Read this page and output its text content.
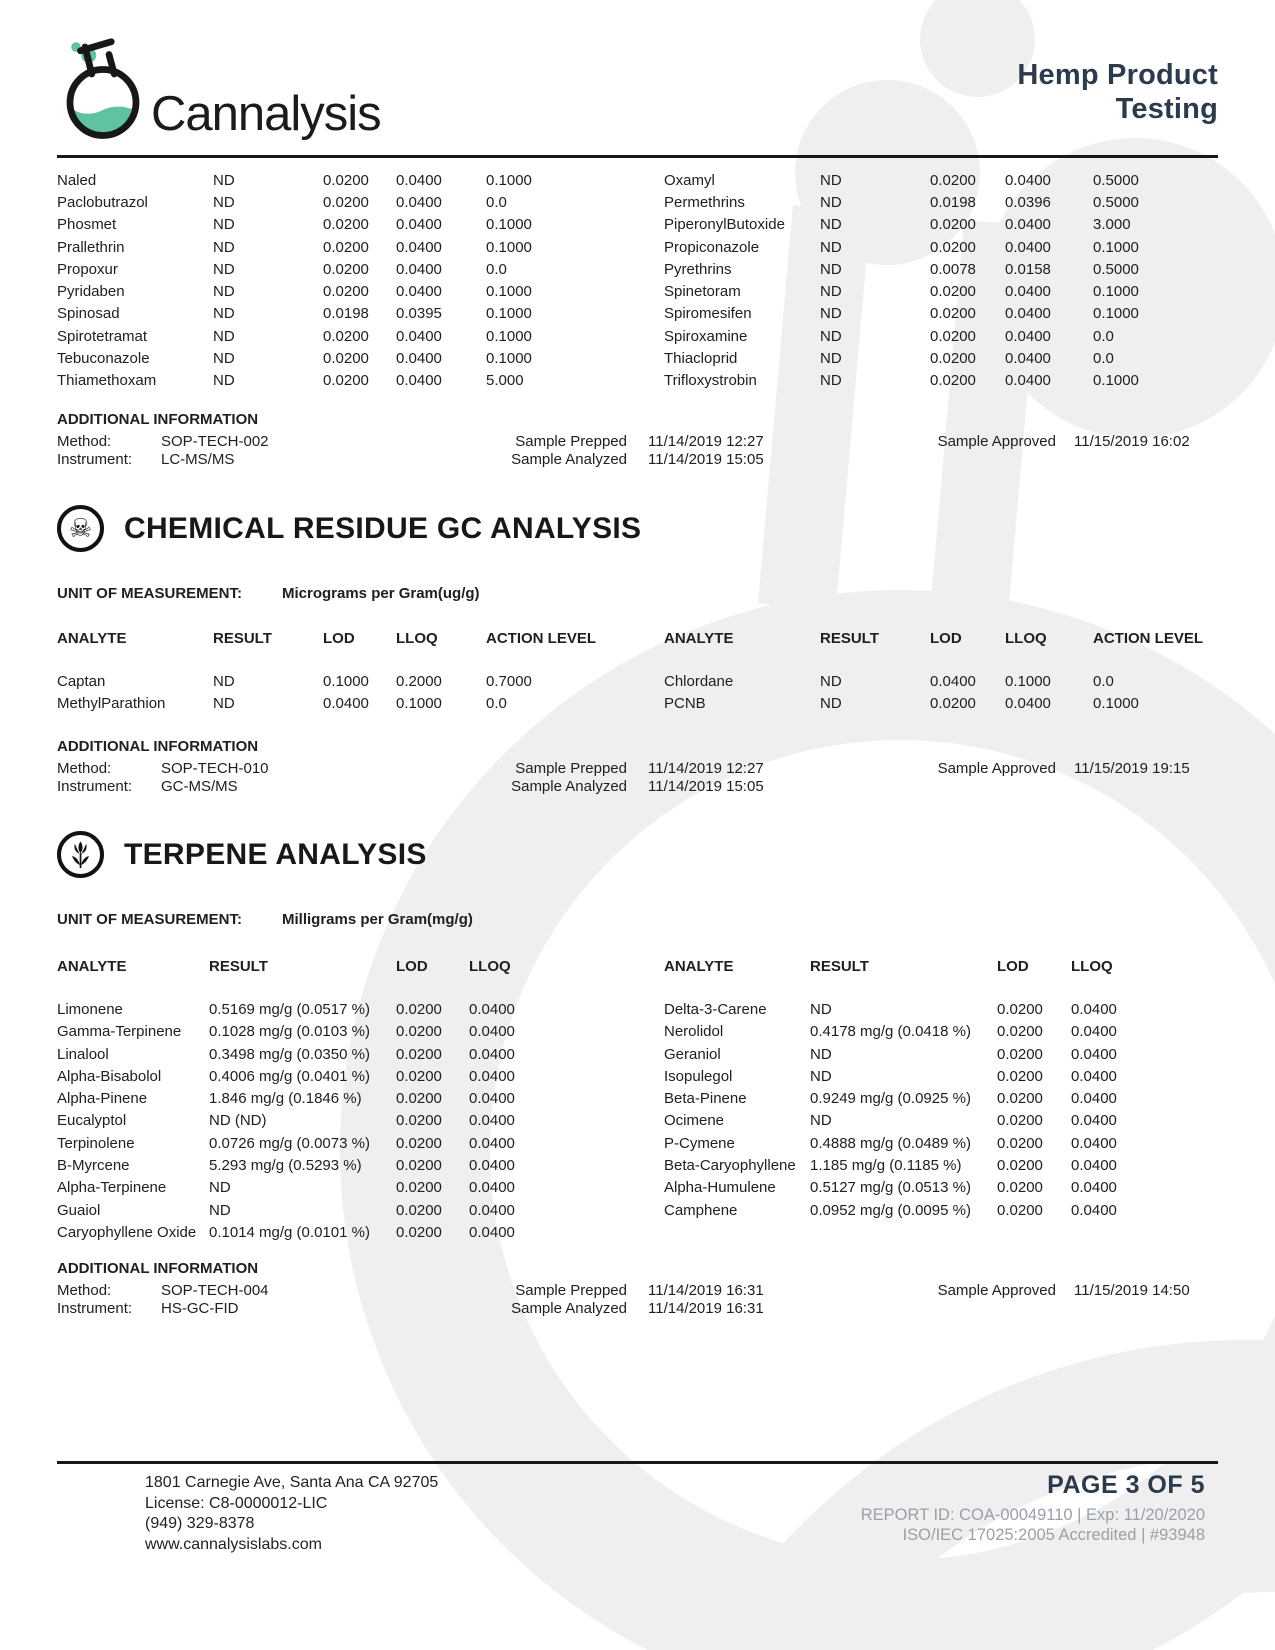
Cannalysis
Hemp Product
Testing
Naled	ND	0.0200	0.0400	0.1000
Paclobutrazol	ND	0.0200	0.0400	0.0
Phosmet	ND	0.0200	0.0400	0.1000
Prallethrin	ND	0.0200	0.0400	0.1000
Propoxur	ND	0.0200	0.0400	0.0
Pyridaben	ND	0.0200	0.0400	0.1000
Spinosad	ND	0.0198	0.0395	0.1000
Spirotetramat	ND	0.0200	0.0400	0.1000
Tebuconazole	ND	0.0200	0.0400	0.1000
Thiamethoxam	ND	0.0200	0.0400	5.000
Oxamyl	ND	0.0200	0.0400	0.5000
Permethrins	ND	0.0198	0.0396	0.5000
PiperonylButoxide	ND	0.0200	0.0400	3.000
Propiconazole	ND	0.0200	0.0400	0.1000
Pyrethrins	ND	0.0078	0.0158	0.5000
Spinetoram	ND	0.0200	0.0400	0.1000
Spiromesifen	ND	0.0200	0.0400	0.1000
Spiroxamine	ND	0.0200	0.0400	0.0
Thiacloprid	ND	0.0200	0.0400	0.0
Trifloxystrobin	ND	0.0200	0.0400	0.1000
ADDITIONAL INFORMATION
Method:	SOP-TECH-002	Sample Prepped 11/14/2019 12:27	Sample Approved 11/15/2019 16:02
Instrument: LC-MS/MS	Sample Analyzed 11/14/2019 15:05
☠ CHEMICAL RESIDUE GC ANALYSIS
UNIT OF MEASUREMENT:	Micrograms per Gram(ug/g)
ANALYTE	RESULT	LOD	LLOQ	ACTION LEVEL
Captan	ND	0.1000	0.2000	0.7000
MethylParathion	ND	0.0400	0.1000	0.0
ANALYTE	RESULT	LOD	LLOQ	ACTION LEVEL
Chlordane	ND	0.0400	0.1000	0.0
PCNB	ND	0.0200	0.0400	0.1000
ADDITIONAL INFORMATION
Method:	SOP-TECH-010	Sample Prepped 11/14/2019 12:27	Sample Approved 11/15/2019 19:15
Instrument: GC-MS/MS	Sample Analyzed 11/14/2019 15:05
TERPENE ANALYSIS
UNIT OF MEASUREMENT:	Milligrams per Gram(mg/g)
ANALYTE	RESULT	LOD	LLOQ
Limonene	0.5169 mg/g (0.0517 %)	0.0200	0.0400
Gamma-Terpinene	0.1028 mg/g (0.0103 %)	0.0200	0.0400
Linalool	0.3498 mg/g (0.0350 %)	0.0200	0.0400
Alpha-Bisabolol	0.4006 mg/g (0.0401 %)	0.0200	0.0400
Alpha-Pinene	1.846 mg/g (0.1846 %)	0.0200	0.0400
Eucalyptol	ND (ND)	0.0200	0.0400
Terpinolene	0.0726 mg/g (0.0073 %)	0.0200	0.0400
B-Myrcene	5.293 mg/g (0.5293 %)	0.0200	0.0400
Alpha-Terpinene	ND	0.0200	0.0400
Guaiol	ND	0.0200	0.0400
Caryophyllene Oxide 0.1014 mg/g (0.0101 %)	0.0200	0.0400
ANALYTE	RESULT	LOD	LLOQ
Delta-3-Carene	ND	0.0200	0.0400
Nerolidol	0.4178 mg/g (0.0418 %)	0.0200	0.0400
Geraniol	ND	0.0200	0.0400
Isopulegol	ND	0.0200	0.0400
Beta-Pinene	0.9249 mg/g (0.0925 %)	0.0200	0.0400
Ocimene	ND	0.0200	0.0400
P-Cymene	0.4888 mg/g (0.0489 %)	0.0200	0.0400
Beta-Caryophyllene 1.185 mg/g (0.1185 %)	0.0200	0.0400
Alpha-Humulene	0.5127 mg/g (0.0513 %)	0.0200	0.0400
Camphene	0.0952 mg/g (0.0095 %)	0.0200	0.0400
ADDITIONAL INFORMATION
Method:	SOP-TECH-004	Sample Prepped 11/14/2019 16:31	Sample Approved 11/15/2019 14:50
Instrument: HS-GC-FID	Sample Analyzed 11/14/2019 16:31
1801 Carnegie Ave, Santa Ana CA 92705
License: C8-0000012-LIC
(949) 329-8378
www.cannalysislabs.com
PAGE 3 OF 5
REPORT ID: COA-00049110 | Exp: 11/20/2020
ISO/IEC 17025:2005 Accredited | #93948
